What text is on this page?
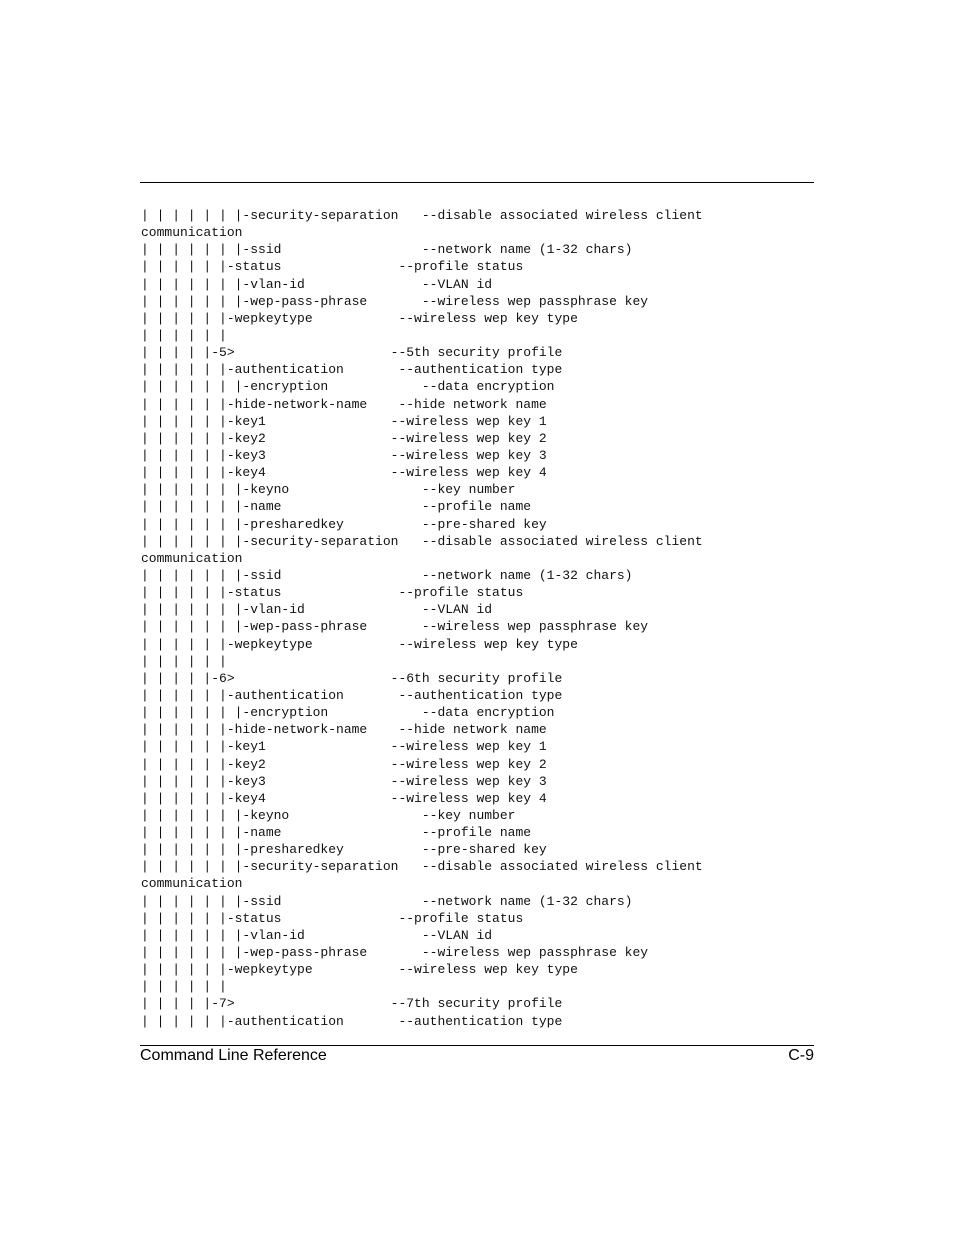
| | | | | | |-security-separation   --disable associated wireless client
communication
| | | | | | |-ssid                  --network name (1-32 chars)
| | | | | |-status               --profile status
| | | | | | |-vlan-id               --VLAN id
| | | | | | |-wep-pass-phrase       --wireless wep passphrase key
| | | | | |-wepkeytype           --wireless wep key type
| | | | | |
| | | | |-5>                    --5th security profile
| | | | | |-authentication       --authentication type
| | | | | | |-encryption            --data encryption
| | | | | |-hide-network-name    --hide network name
| | | | | |-key1                --wireless wep key 1
| | | | | |-key2                --wireless wep key 2
| | | | | |-key3                --wireless wep key 3
| | | | | |-key4                --wireless wep key 4
| | | | | | |-keyno                 --key number
| | | | | | |-name                  --profile name
| | | | | | |-presharedkey          --pre-shared key
| | | | | | |-security-separation   --disable associated wireless client
communication
| | | | | | |-ssid                  --network name (1-32 chars)
| | | | | |-status               --profile status
| | | | | | |-vlan-id               --VLAN id
| | | | | | |-wep-pass-phrase       --wireless wep passphrase key
| | | | | |-wepkeytype           --wireless wep key type
| | | | | |
| | | | |-6>                    --6th security profile
| | | | | |-authentication       --authentication type
| | | | | | |-encryption            --data encryption
| | | | | |-hide-network-name    --hide network name
| | | | | |-key1                --wireless wep key 1
| | | | | |-key2                --wireless wep key 2
| | | | | |-key3                --wireless wep key 3
| | | | | |-key4                --wireless wep key 4
| | | | | | |-keyno                 --key number
| | | | | | |-name                  --profile name
| | | | | | |-presharedkey          --pre-shared key
| | | | | | |-security-separation   --disable associated wireless client
communication
| | | | | | |-ssid                  --network name (1-32 chars)
| | | | | |-status               --profile status
| | | | | | |-vlan-id               --VLAN id
| | | | | | |-wep-pass-phrase       --wireless wep passphrase key
| | | | | |-wepkeytype           --wireless wep key type
| | | | | |
| | | | |-7>                    --7th security profile
| | | | | |-authentication       --authentication type
Command Line Reference	C-9
